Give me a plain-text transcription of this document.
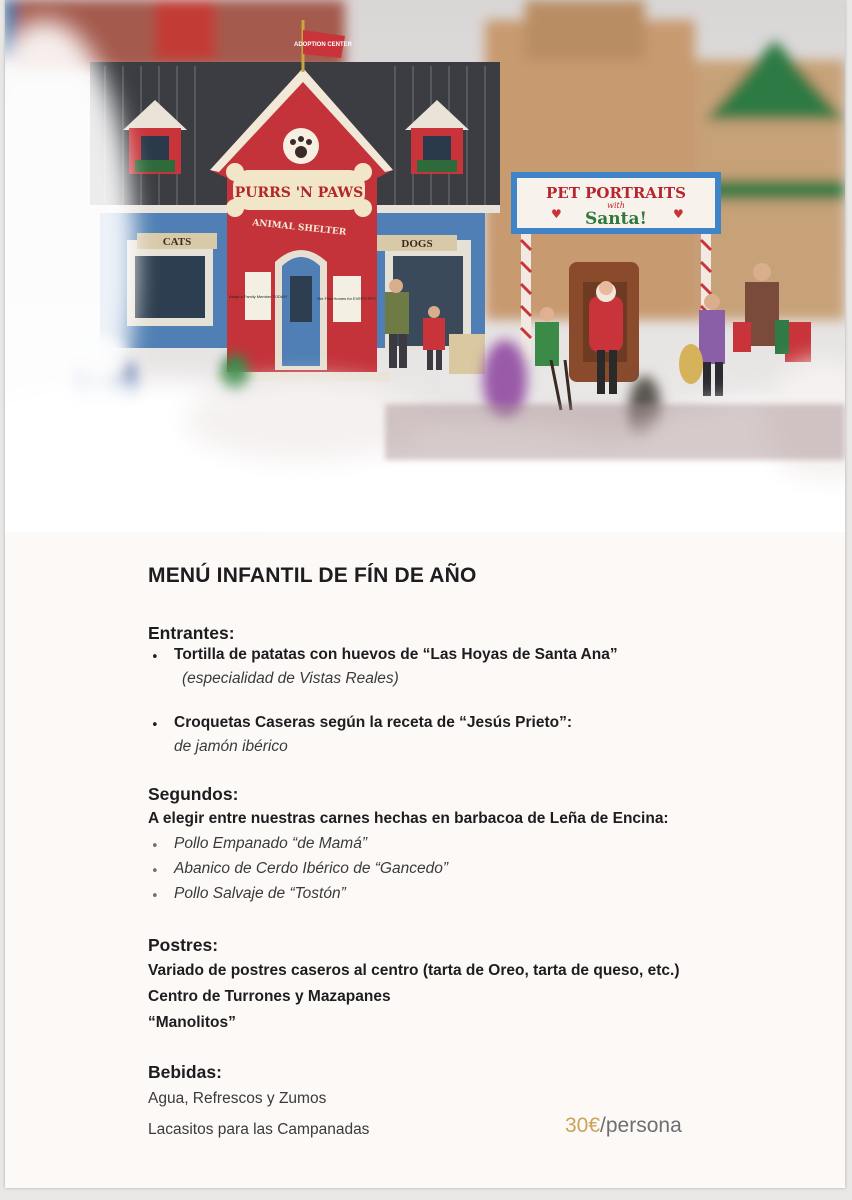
CATS	DOGS
ADOPTION CENTER
PURRS 'N PAWS
ANIMAL SHELTER
Adopt a Family Member TODAY!	We Find Homes for EVERY PET!
PET PORTRAITS
with
Santa!
♥	♥
MENÚ INFANTIL DE FÍN DE AÑO
Entrantes:
• Tortilla de patatas con huevos de “Las Hoyas de Santa Ana”
(especialidad de Vistas Reales)
• Croquetas Caseras según la receta de “Jesús Prieto”:
de jamón ibérico
Segundos:
A elegir entre nuestras carnes hechas en barbacoa de Leña de Encina:
• Pollo Empanado “de Mamá”
• Abanico de Cerdo Ibérico de “Gancedo”
• Pollo Salvaje de “Tostón”
Postres:
Variado de postres caseros al centro (tarta de Oreo, tarta de queso, etc.)
Centro de Turrones y Mazapanes
“Manolitos”
Bebidas:
Agua, Refrescos y Zumos
Lacasitos para las Campanadas	30€/persona
